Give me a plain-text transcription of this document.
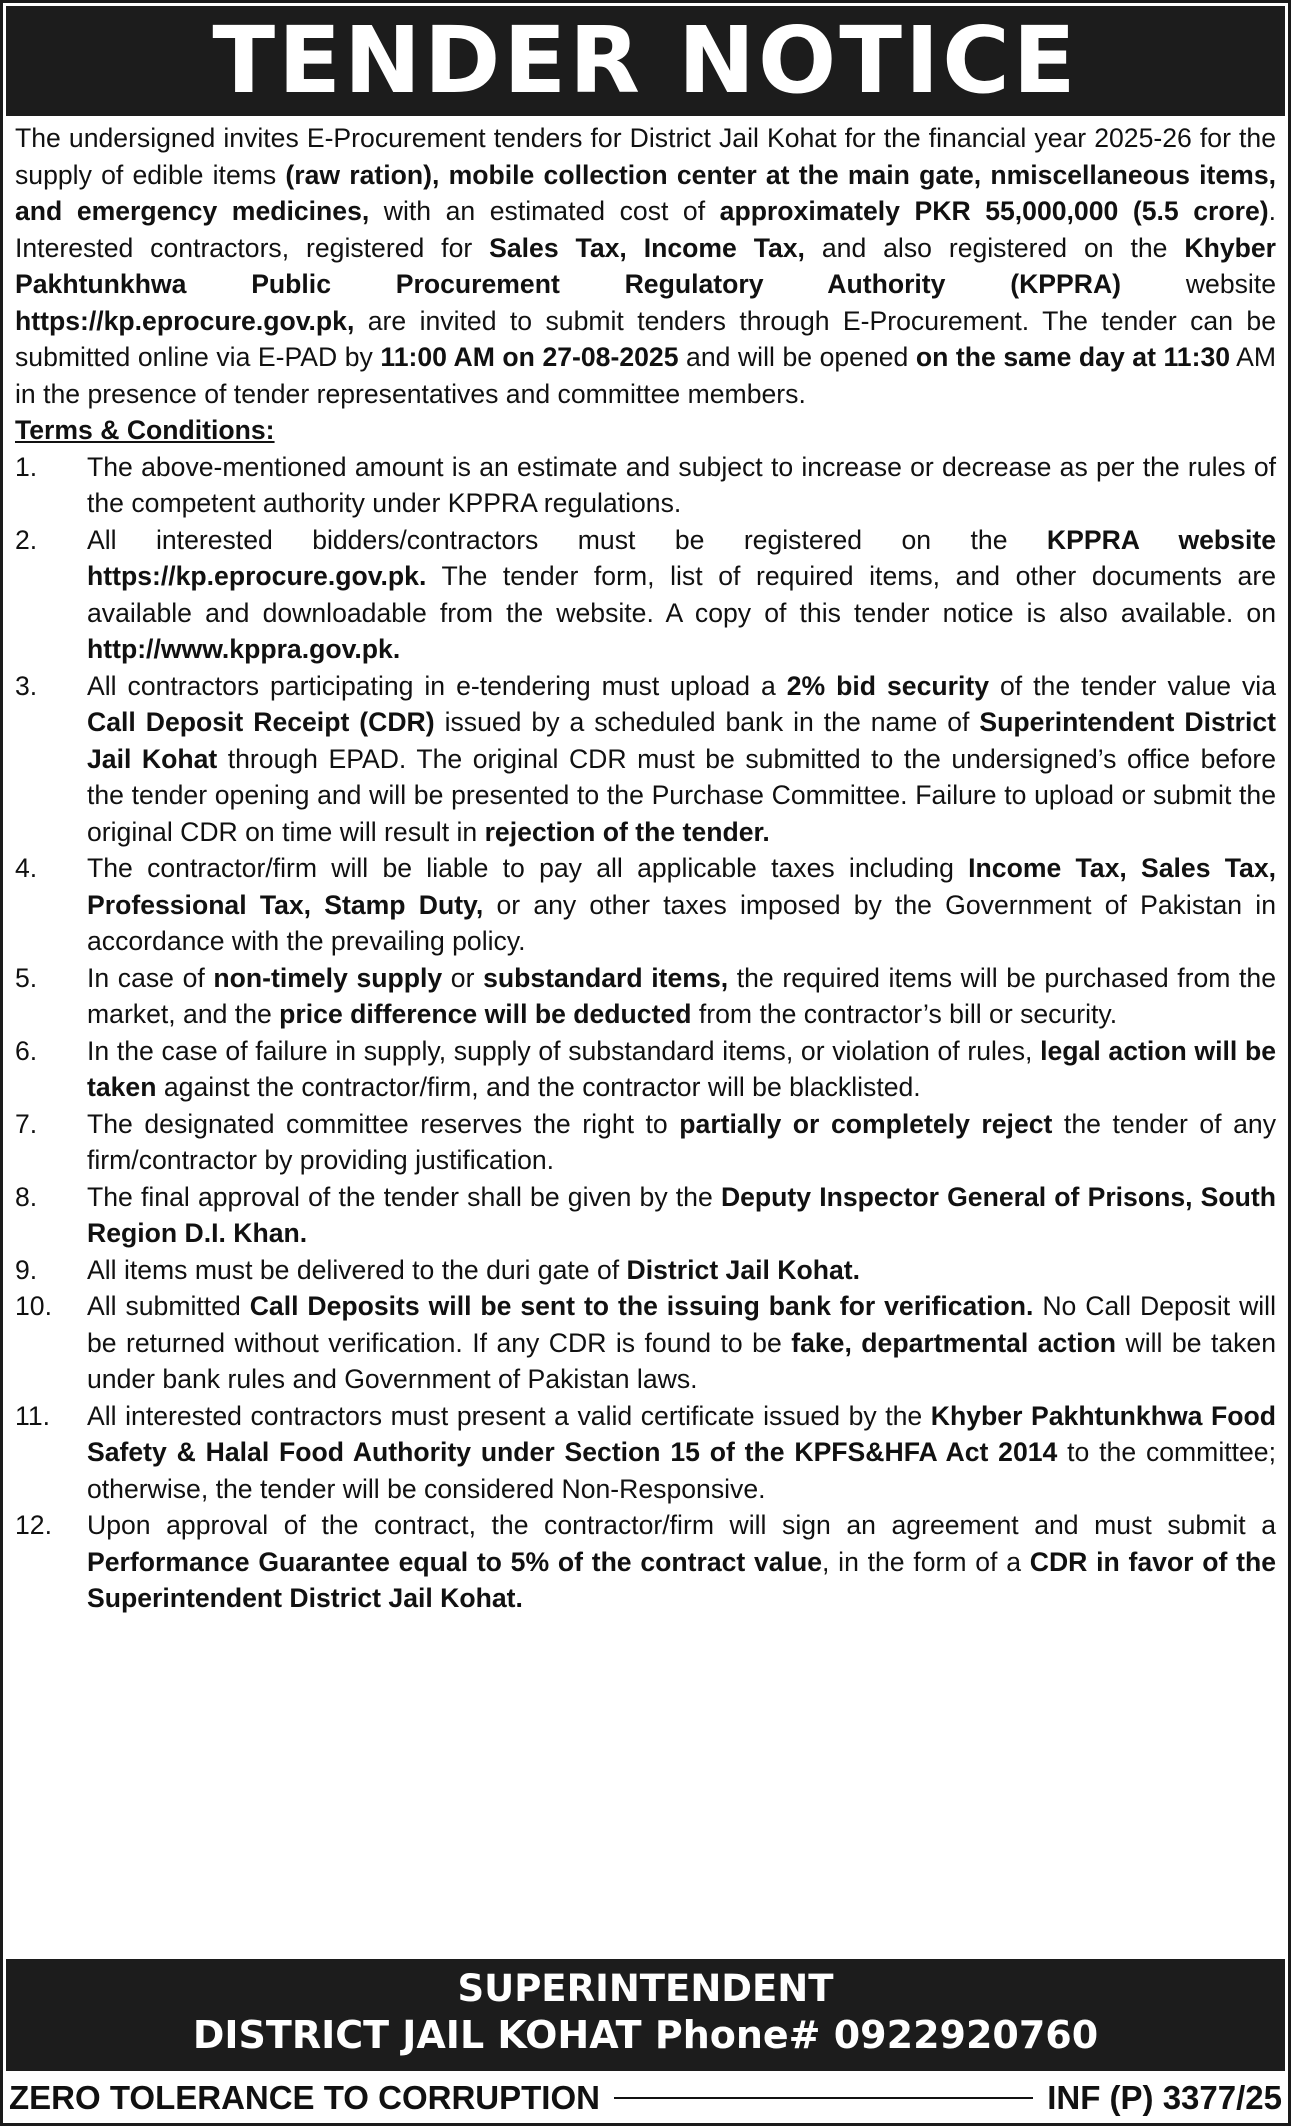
TENDER NOTICE

The undersigned invites E-Procurement tenders for District Jail Kohat for the financial year 2025-26 for the supply of edible items (raw ration), mobile collection center at the main gate, nmiscellaneous items, and emergency medicines, with an estimated cost of approximately PKR 55,000,000 (5.5 crore). Interested contractors, registered for Sales Tax, Income Tax, and also registered on the Khyber Pakhtunkhwa Public Procurement Regulatory Authority (KPPRA) website https://kp.eprocure.gov.pk, are invited to submit tenders through E-Procurement. The tender can be submitted online via E-PAD by 11:00 AM on 27-08-2025 and will be opened on the same day at 11:30 AM in the presence of tender representatives and committee members.

Terms & Conditions:

1.	The above-mentioned amount is an estimate and subject to increase or decrease as per the rules of the competent authority under KPPRA regulations.
2.	All interested bidders/contractors must be registered on the KPPRA website https://kp.eprocure.gov.pk. The tender form, list of required items, and other documents are available and downloadable from the website. A copy of this tender notice is also available. on http://www.kppra.gov.pk.
3.	All contractors participating in e-tendering must upload a 2% bid security of the tender value via Call Deposit Receipt (CDR) issued by a scheduled bank in the name of Superintendent District Jail Kohat through EPAD. The original CDR must be submitted to the undersigned’s office before the tender opening and will be presented to the Purchase Committee. Failure to upload or submit the original CDR on time will result in rejection of the tender.
4.	The contractor/firm will be liable to pay all applicable taxes including Income Tax, Sales Tax, Professional Tax, Stamp Duty, or any other taxes imposed by the Government of Pakistan in accordance with the prevailing policy.
5.	In case of non-timely supply or substandard items, the required items will be purchased from the market, and the price difference will be deducted from the contractor’s bill or security.
6.	In the case of failure in supply, supply of substandard items, or violation of rules, legal action will be taken against the contractor/firm, and the contractor will be blacklisted.
7.	The designated committee reserves the right to partially or completely reject the tender of any firm/contractor by providing justification.
8.	The final approval of the tender shall be given by the Deputy Inspector General of Prisons, South Region D.I. Khan.
9.	All items must be delivered to the duri gate of District Jail Kohat.
10.	All submitted Call Deposits will be sent to the issuing bank for verification. No Call Deposit will be returned without verification. If any CDR is found to be fake, departmental action will be taken under bank rules and Government of Pakistan laws.
11.	All interested contractors must present a valid certificate issued by the Khyber Pakhtunkhwa Food Safety & Halal Food Authority under Section 15 of the KPFS&HFA Act 2014 to the committee; otherwise, the tender will be considered Non-Responsive.
12.	Upon approval of the contract, the contractor/firm will sign an agreement and must submit a Performance Guarantee equal to 5% of the contract value, in the form of a CDR in favor of the Superintendent District Jail Kohat.
SUPERINTENDENT
DISTRICT JAIL KOHAT Phone# 0922920760
ZERO TOLERANCE TO CORRUPTION	INF (P) 3377/25
